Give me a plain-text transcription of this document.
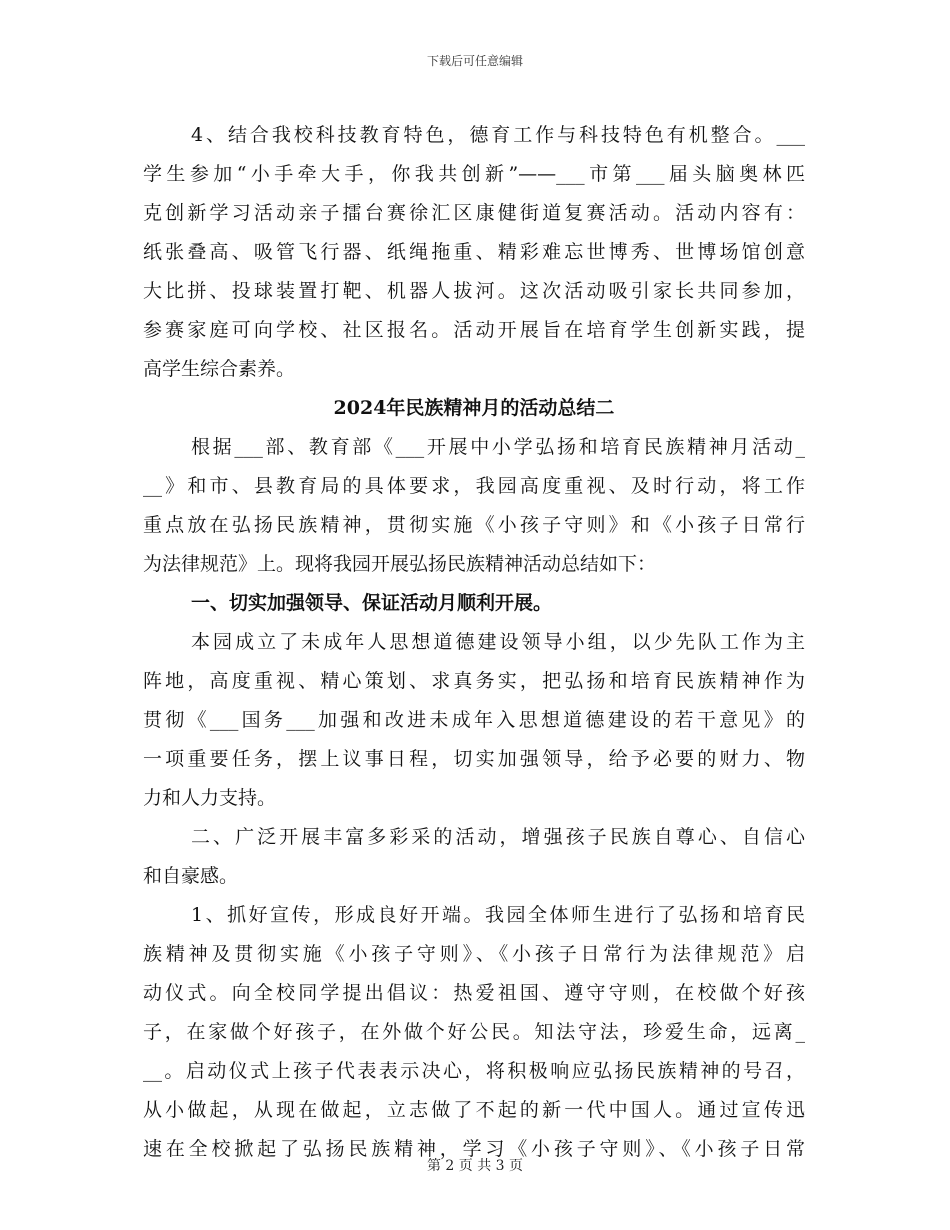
下载后可任意编辑
4、结合我校科技教育特色，德育工作与科技特色有机整合。___
学生参加“小手牵大手，你我共创新”——___市第___届头脑奥林匹
克创新学习活动亲子擂台赛徐汇区康健街道复赛活动。活动内容有：
纸张叠高、吸管飞行器、纸绳拖重、精彩难忘世博秀、世博场馆创意
大比拼、投球装置打靶、机器人拔河。这次活动吸引家长共同参加，
参赛家庭可向学校、社区报名。活动开展旨在培育学生创新实践，提
高学生综合素养。
2024年民族精神月的活动总结二
根据___部、教育部《___开展中小学弘扬和培育民族精神月活动_
__》和市、县教育局的具体要求，我园高度重视、及时行动，将工作
重点放在弘扬民族精神，贯彻实施《小孩子守则》和《小孩子日常行
为法律规范》上。现将我园开展弘扬民族精神活动总结如下：
一、切实加强领导、保证活动月顺利开展。
本园成立了未成年人思想道德建设领导小组，以少先队工作为主
阵地，高度重视、精心策划、求真务实，把弘扬和培育民族精神作为
贯彻《___国务___加强和改进未成年入思想道德建设的若干意见》的
一项重要任务，摆上议事日程，切实加强领导，给予必要的财力、物
力和人力支持。
二、广泛开展丰富多彩采的活动，增强孩子民族自尊心、自信心
和自豪感。
1、抓好宣传，形成良好开端。我园全体师生进行了弘扬和培育民
族精神及贯彻实施《小孩子守则》、《小孩子日常行为法律规范》启
动仪式。向全校同学提出倡议：热爱祖国、遵守守则，在校做个好孩
子，在家做个好孩子，在外做个好公民。知法守法，珍爱生命，远离_
__。启动仪式上孩子代表表示决心，将积极响应弘扬民族精神的号召，
从小做起，从现在做起，立志做了不起的新一代中国人。通过宣传迅
速在全校掀起了弘扬民族精神，学习《小孩子守则》、《小孩子日常
第 2 页 共 3 页
